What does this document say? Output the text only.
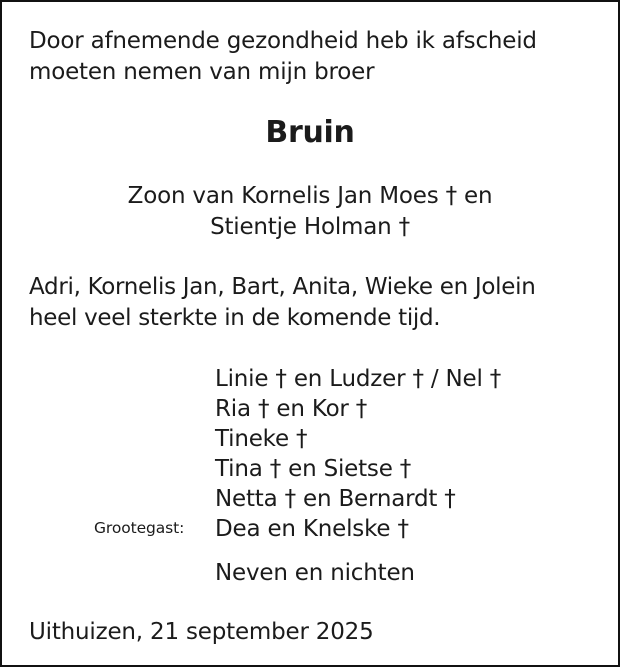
Door afnemende gezondheid heb ik afscheid
moeten nemen van mijn broer

Bruin

Zoon van Kornelis Jan Moes † en
Stientje Holman †

Adri, Kornelis Jan, Bart, Anita, Wieke en Jolein
heel veel sterkte in de komende tijd.

Linie † en Ludzer † / Nel †
Ria † en Kor †
Tineke †
Tina † en Sietse †
Netta † en Bernardt †
Dea en Knelske †
Grootegast:

Neven en nichten

Uithuizen, 21 september 2025
